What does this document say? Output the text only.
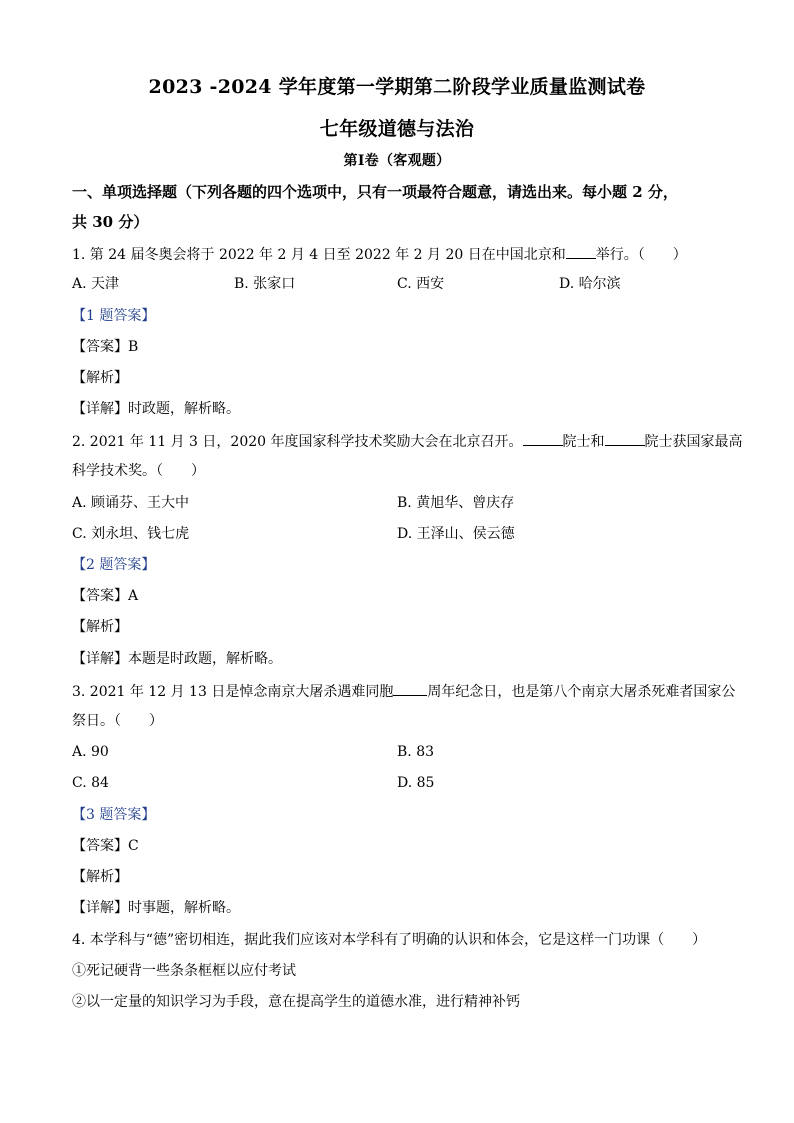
2023 -2024 学年度第一学期第二阶段学业质量监测试卷
七年级道德与法治
第Ⅰ卷（客观题）
一、单项选择题（下列各题的四个选项中，只有一项最符合题意，请选出来。每小题 2 分，
共 30 分）
1. 第 24 届冬奥会将于 2022 年 2 月 4 日至 2022 年 2 月 20 日在中国北京和 举行。（　　）
A. 天津	B. 张家口	C. 西安	D. 哈尔滨
【1 题答案】
【答案】B
【解析】
【详解】时政题，解析略。
2. 2021 年 11 月 3 日，2020 年度国家科学技术奖励大会在北京召开。	院士和	院士获国家最高
科学技术奖。（　　）
A. 顾诵芬、王大中	B. 黄旭华、曾庆存
C. 刘永坦、钱七虎	D. 王泽山、侯云德
【2 题答案】
【答案】A
【解析】
【详解】本题是时政题，解析略。
3. 2021 年 12 月 13 日是悼念南京大屠杀遇难同胞 周年纪念日，也是第八个南京大屠杀死难者国家公
祭日。（　　）
A. 90	B. 83
C. 84	D. 85
【3 题答案】
【答案】C
【解析】
【详解】时事题，解析略。
4. 本学科与“德”密切相连，据此我们应该对本学科有了明确的认识和体会，它是这样一门功课（　　）
①死记硬背一些条条框框以应付考试
②以一定量的知识学习为手段，意在提高学生的道德水准，进行精神补钙
